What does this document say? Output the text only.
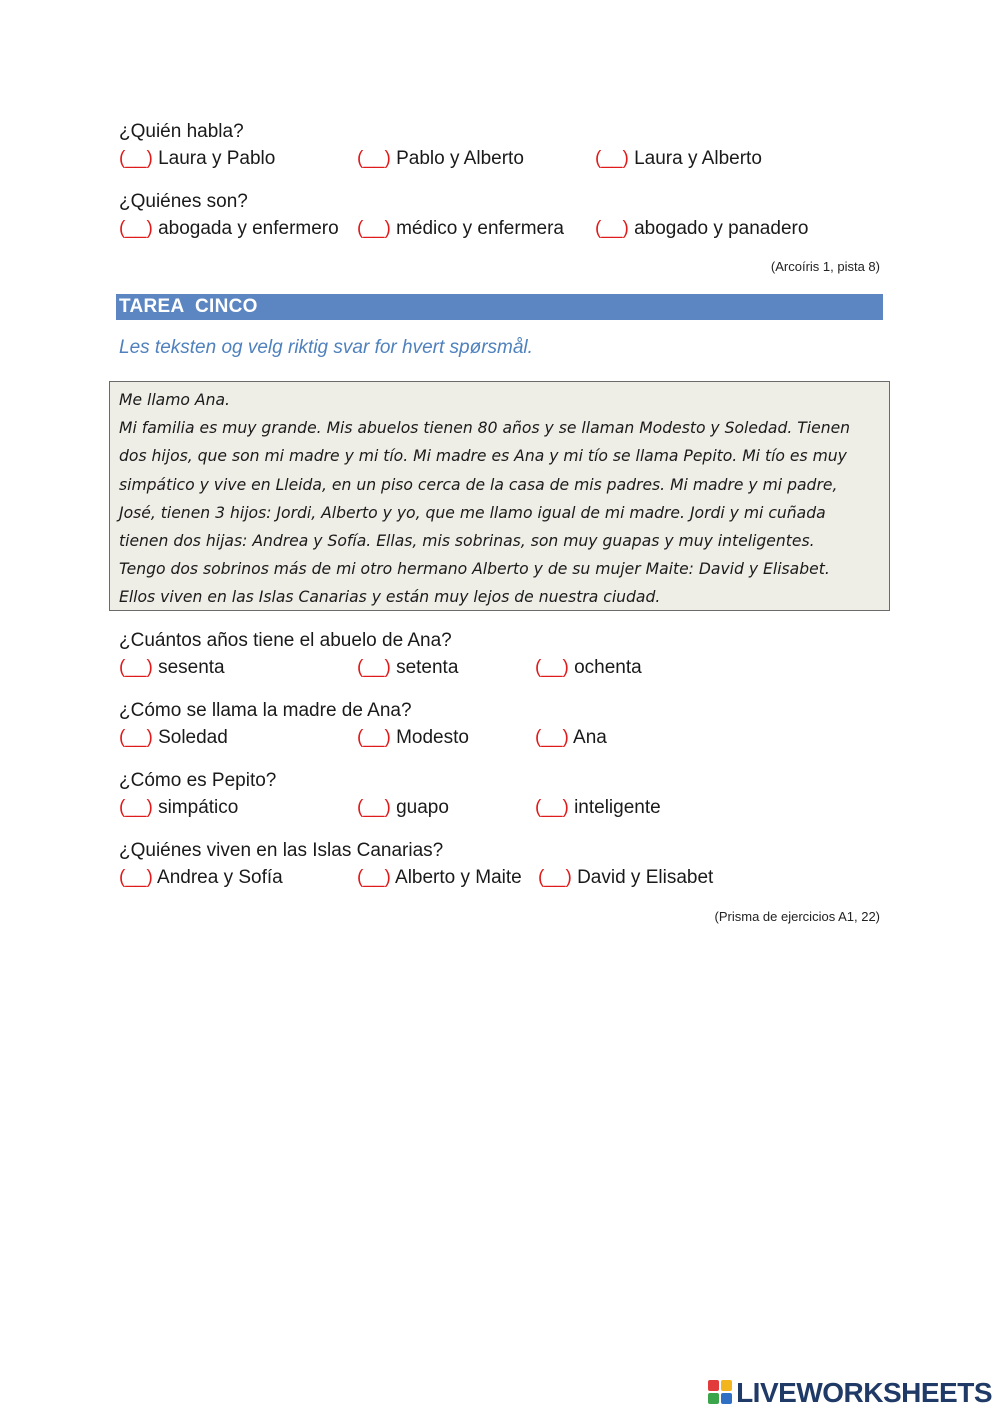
¿Quién habla?
(__) Laura y Pablo	(__) Pablo y Alberto	(__) Laura y Alberto
¿Quiénes son?
(__) abogada y enfermero (__) médico y enfermera (__) abogado y panadero
(Arcoíris 1, pista 8)
TAREA  CINCO
Les teksten og velg riktig svar for hvert spørsmål.
Me llamo Ana.
Mi familia es muy grande. Mis abuelos tienen 80 años y se llaman Modesto y Soledad. Tienen
dos hijos, que son mi madre y mi tío. Mi madre es Ana y mi tío se llama Pepito. Mi tío es muy
simpático y vive en Lleida, en un piso cerca de la casa de mis padres. Mi madre y mi padre,
José, tienen 3 hijos: Jordi, Alberto y yo, que me llamo igual de mi madre. Jordi y mi cuñada
tienen dos hijas: Andrea y Sofía. Ellas, mis sobrinas, son muy guapas y muy inteligentes.
Tengo dos sobrinos más de mi otro hermano Alberto y de su mujer Maite: David y Elisabet.
Ellos viven en las Islas Canarias y están muy lejos de nuestra ciudad.
¿Cuántos años tiene el abuelo de Ana?
(__) sesenta	(__) setenta	(__) ochenta
¿Cómo se llama la madre de Ana?
(__) Soledad	(__) Modesto	(__) Ana
¿Cómo es Pepito?
(__) simpático	(__) guapo	(__) inteligente
¿Quiénes viven en las Islas Canarias?
(__) Andrea y Sofía	(__) Alberto y Maite (__) David y Elisabet
(Prisma de ejercicios A1, 22)
LIVEWORKSHEETS
